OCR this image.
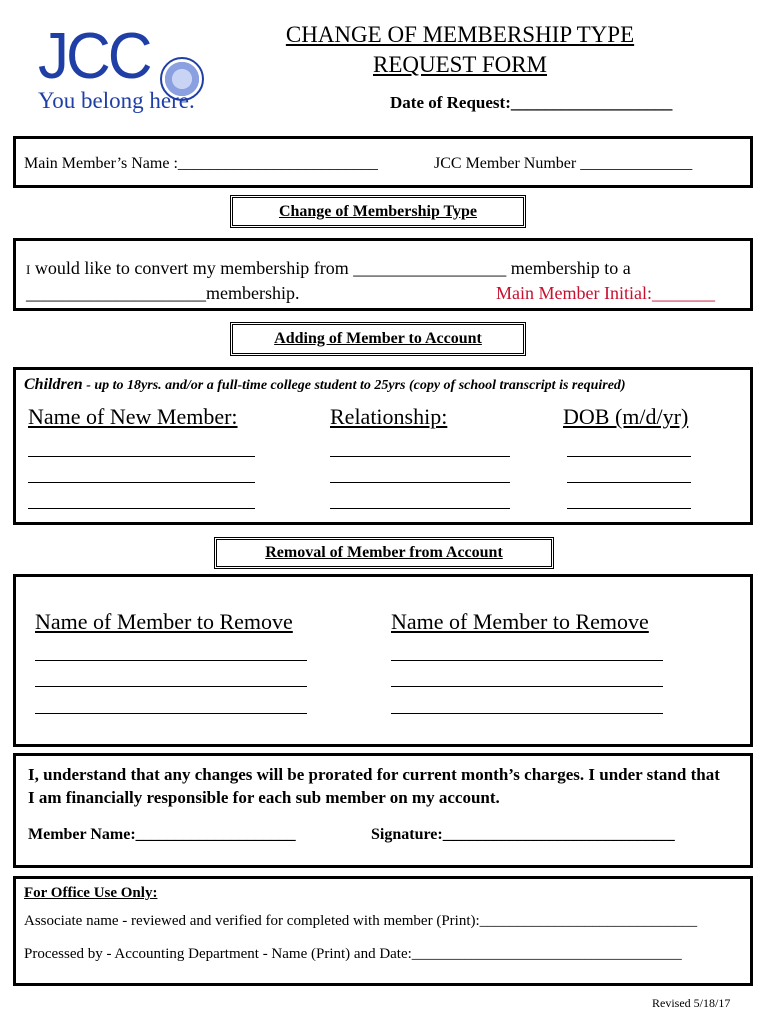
JCC
You belong here.
CHANGE OF MEMBERSHIP TYPE
REQUEST FORM
Date of Request:___________________
Main Member’s Name :_________________________	JCC Member Number ______________
Change of Membership Type
I would like to convert my membership from _________________ membership to a
____________________membership.	Main Member Initial:_______
Adding of Member to Account
Children - up to 18yrs. and/or a full-time college student to 25yrs (copy of school transcript is required)
Name of New Member:	Relationship:	DOB (m/d/yr)
Removal of Member from Account
Name of Member to Remove	Name of Member to Remove
I, understand that any changes will be prorated for current month’s charges. I under stand that I am financially responsible for each sub member on my account.
Member Name:____________________	Signature:_____________________________
For Office Use Only:
Associate name - reviewed and verified for completed with member (Print):_____________________________
Processed by - Accounting Department - Name (Print) and Date:____________________________________
Revised 5/18/17
